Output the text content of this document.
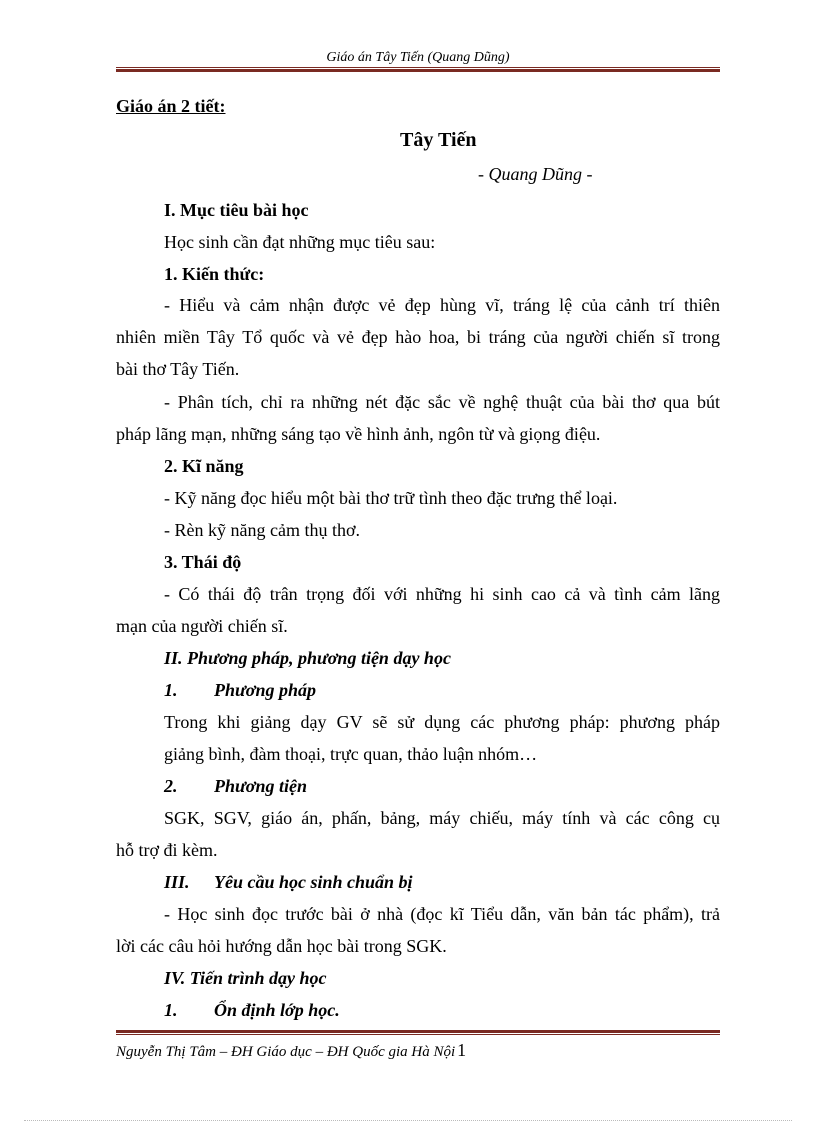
Giáo án Tây Tiến (Quang Dũng)
Giáo án 2 tiết:
Tây Tiến
- Quang Dũng -
I. Mục tiêu bài học
Học sinh cần đạt những mục tiêu sau:
1. Kiến thức:
- Hiểu và cảm nhận được vẻ đẹp hùng vĩ, tráng lệ của cảnh trí thiên
nhiên miền Tây Tổ quốc và vẻ đẹp hào hoa, bi tráng của người chiến sĩ trong
bài thơ Tây Tiến.
- Phân tích, chỉ ra những nét đặc sắc về nghệ thuật của bài thơ qua bút
pháp lãng mạn, những sáng tạo về hình ảnh, ngôn từ và giọng điệu.
2. Kĩ năng
- Kỹ năng đọc hiểu một bài thơ trữ tình theo đặc trưng thể loại.
- Rèn kỹ năng cảm thụ thơ.
3. Thái độ
- Có thái độ trân trọng đối với những hi sinh cao cả và tình cảm lãng
mạn của người chiến sĩ.
II. Phương pháp, phương tiện dạy học
1. Phương pháp
Trong khi giảng dạy GV sẽ sử dụng các phương pháp: phương pháp
giảng bình, đàm thoại, trực quan, thảo luận nhóm…
2. Phương tiện
SGK, SGV, giáo án, phấn, bảng, máy chiếu, máy tính và các công cụ
hỗ trợ đi kèm.
III. Yêu cầu học sinh chuẩn bị
- Học sinh đọc trước bài ở nhà (đọc kĩ Tiểu dẫn, văn bản tác phẩm), trả
lời các câu hỏi hướng dẫn học bài trong SGK.
IV. Tiến trình dạy học
1. Ổn định lớp học.
Nguyễn Thị Tâm – ĐH Giáo dục – ĐH Quốc gia Hà Nội 1
